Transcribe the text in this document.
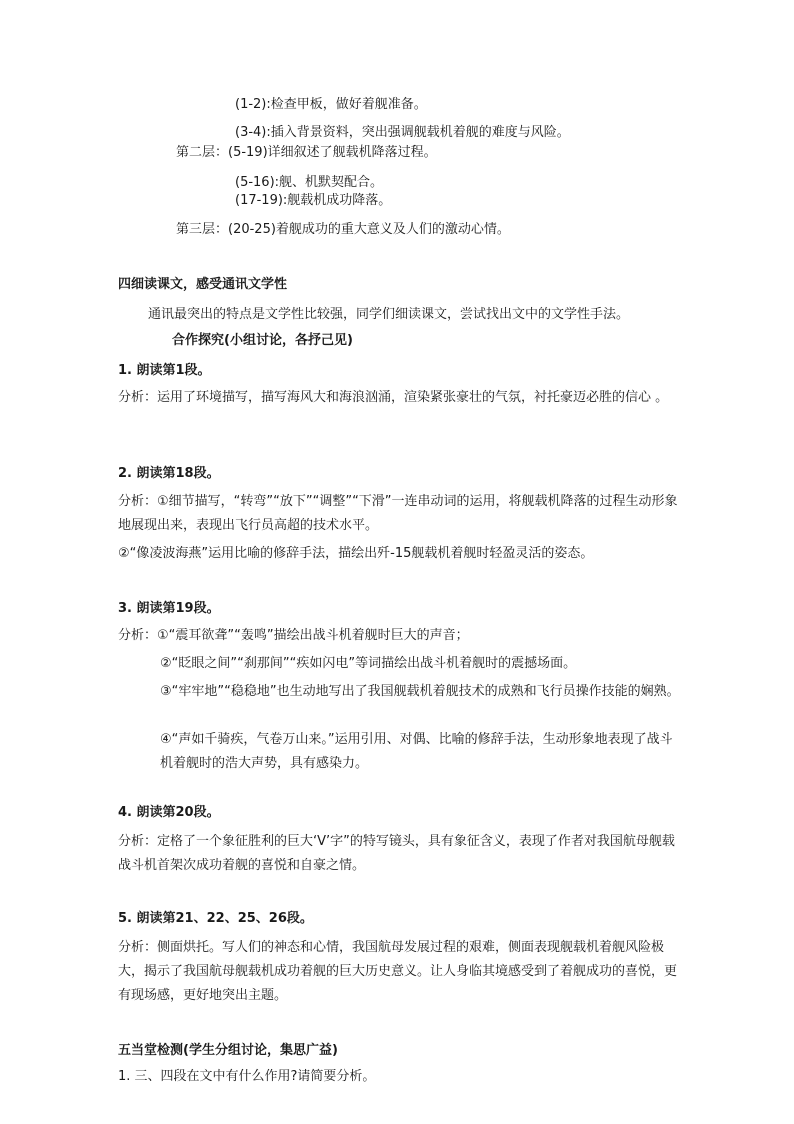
(1-2):检查甲板，做好着舰准备。
(3-4):插入背景资料，突出强调舰载机着舰的难度与风险。
第二层：(5-19)详细叙述了舰载机降落过程。
(5-16):舰、机默契配合。
(17-19):舰载机成功降落。
第三层：(20-25)着舰成功的重大意义及人们的激动心情。
四细读课文，感受通讯文学性
通讯最突出的特点是文学性比较强，同学们细读课文，尝试找出文中的文学性手法。
合作探究(小组讨论，各抒己见)
1. 朗读第1段。
分析：运用了环境描写，描写海风大和海浪汹涌，渲染紧张豪壮的气氛，衬托豪迈必胜的信心 。
2. 朗读第18段。
分析：①细节描写，“转弯”“放下”“调整”“下滑”一连串动词的运用，将舰载机降落的过程生动形象地展现出来，表现出飞行员高超的技术水平。
②“像凌波海燕”运用比喻的修辞手法，描绘出歼-15舰载机着舰时轻盈灵活的姿态。
3. 朗读第19段。
分析：①“震耳欲聋”“轰鸣”描绘出战斗机着舰时巨大的声音；
②“眨眼之间”“刹那间”“疾如闪电”等词描绘出战斗机着舰时的震撼场面。
③“牢牢地”“稳稳地”也生动地写出了我国舰载机着舰技术的成熟和飞行员操作技能的娴熟。
④“声如千骑疾，气卷万山来。”运用引用、对偶、比喻的修辞手法，生动形象地表现了战斗机着舰时的浩大声势，具有感染力。
4. 朗读第20段。
分析：定格了一个象征胜利的巨大‘V’字”的特写镜头，具有象征含义，表现了作者对我国航母舰载战斗机首架次成功着舰的喜悦和自豪之情。
5. 朗读第21、22、25、26段。
分析：侧面烘托。写人们的神态和心情，我国航母发展过程的艰难，侧面表现舰载机着舰风险极大，揭示了我国航母舰载机成功着舰的巨大历史意义。让人身临其境感受到了着舰成功的喜悦，更有现场感，更好地突出主题。
五当堂检测(学生分组讨论，集思广益)
1. 三、四段在文中有什么作用?请简要分析。
